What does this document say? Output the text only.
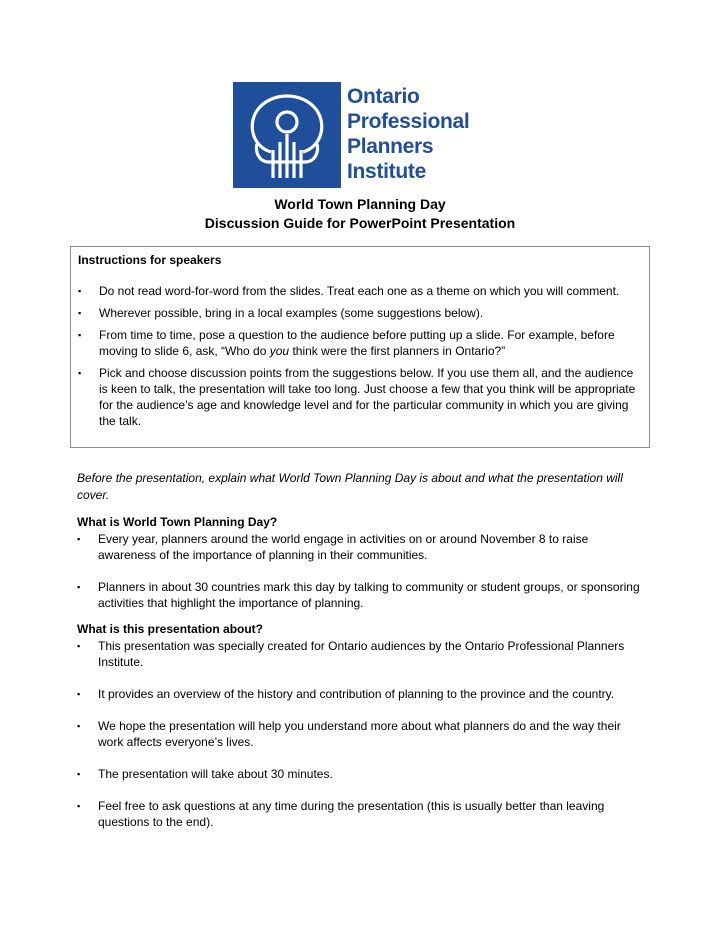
Ontario
Professional
Planners
Institute
World Town Planning Day
Discussion Guide for PowerPoint Presentation
Instructions for speakers
▪ Do not read word-for-word from the slides. Treat each one as a theme on which you will comment.
▪ Wherever possible, bring in a local examples (some suggestions below).
▪ From time to time, pose a question to the audience before putting up a slide. For example, before moving to slide 6, ask, “Who do you think were the first planners in Ontario?”
▪ Pick and choose discussion points from the suggestions below. If you use them all, and the audience is keen to talk, the presentation will take too long. Just choose a few that you think will be appropriate for the audience’s age and knowledge level and for the particular community in which you are giving the talk.

Before the presentation, explain what World Town Planning Day is about and what the presentation will cover.

What is World Town Planning Day?
▪ Every year, planners around the world engage in activities on or around November 8 to raise awareness of the importance of planning in their communities.
▪ Planners in about 30 countries mark this day by talking to community or student groups, or sponsoring activities that highlight the importance of planning.
What is this presentation about?
▪ This presentation was specially created for Ontario audiences by the Ontario Professional Planners Institute.
▪ It provides an overview of the history and contribution of planning to the province and the country.
▪ We hope the presentation will help you understand more about what planners do and the way their work affects everyone’s lives.
▪ The presentation will take about 30 minutes.
▪ Feel free to ask questions at any time during the presentation (this is usually better than leaving questions to the end).
